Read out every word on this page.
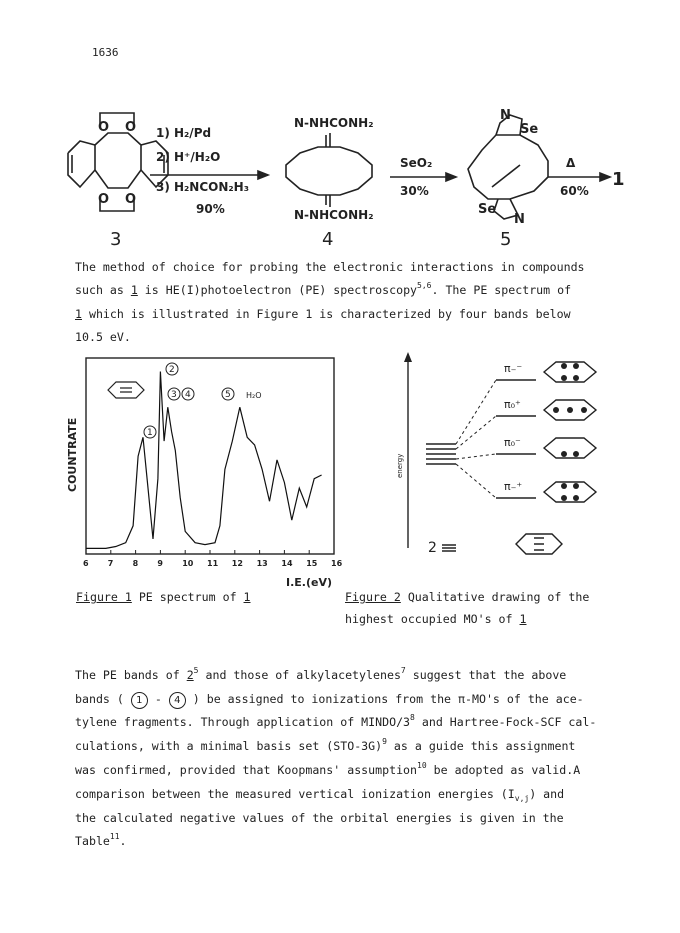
1636
O O
O O
N
Se
Se
N
1) H₂/Pd
2) H⁺/H₂O
3) H₂NCON₂H₃
90%
N-NHCONH₂
N-NHCONH₂
SeO₂
30%
Δ
60%
1
3	4	5
The method of choice for probing the electronic interactions in compounds
such as 1 is HE(I)photoelectron (PE) spectroscopy$^{5,6}$. The PE spectrum of
1 which is illustrated in Figure 1 is characterized by four bands below
10.5 eV.
COUNTRATE
I.E.(eV)
6 7 8 9 10 11 12 13 14 15 16
1
2
3 4	5 H₂O
Figure 1 PE spectrum of 1
energy
π₋⁻
π₀⁺
π₀⁻
π₋⁺
2
Figure 2 Qualitative drawing of the
highest occupied MO's of 1
The PE bands of $2^5$ and those of alkylacetylenes$^7$ suggest that the above
bands ( 1 - 4 ) be assigned to ionizations from the π-MO's of the ace-
tylene fragments. Through application of MINDO/$3^8$ and Hartree-Fock-SCF cal-
culations, with a minimal basis set $(STO-3G)^9$ as a guide this assignment
was confirmed, provided that Koopmans' assumption$^{10}$ be adopted as valid.A
comparison between the measured vertical ionization energies $(I_{v,j})$ and
the calculated negative values of the orbital energies is given in the
Table$^{11}$.
